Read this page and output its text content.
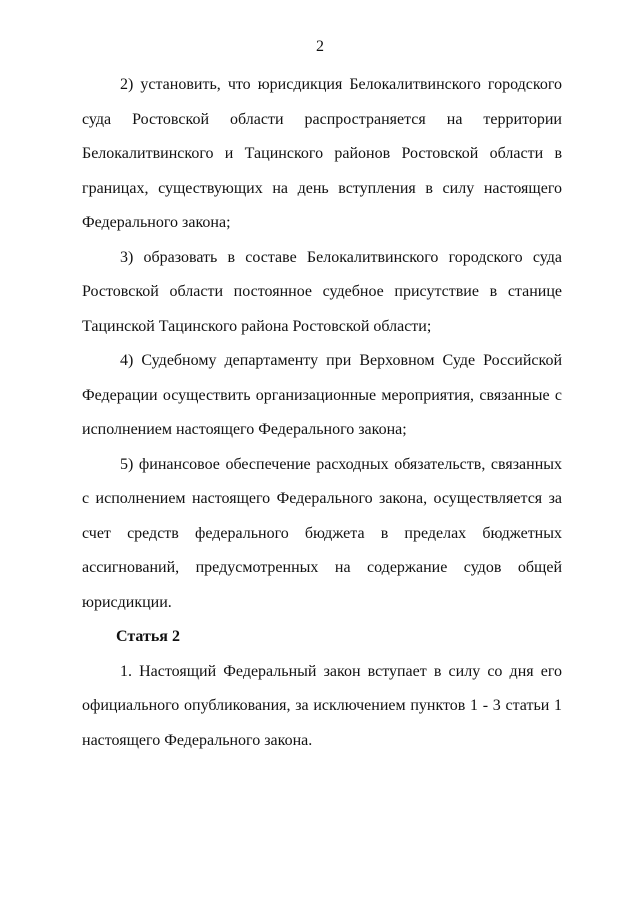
2

2) установить, что юрисдикция Белокалитвинского городского суда Ростовской области распространяется на территории Белокалитвинского и Тацинского районов Ростовской области в границах, существующих на день вступления в силу настоящего Федерального закона;

3) образовать в составе Белокалитвинского городского суда Ростовской области постоянное судебное присутствие в станице Тацинской Тацинского района Ростовской области;

4) Судебному департаменту при Верховном Суде Российской Федерации осуществить организационные мероприятия, связанные с исполнением настоящего Федерального закона;

5) финансовое обеспечение расходных обязательств, связанных с исполнением настоящего Федерального закона, осуществляется за счет средств федерального бюджета в пределах бюджетных ассигнований, предусмотренных на содержание судов общей юрисдикции.

Статья 2

1. Настоящий Федеральный закон вступает в силу со дня его официального опубликования, за исключением пунктов 1 - 3 статьи 1 настоящего Федерального закона.
